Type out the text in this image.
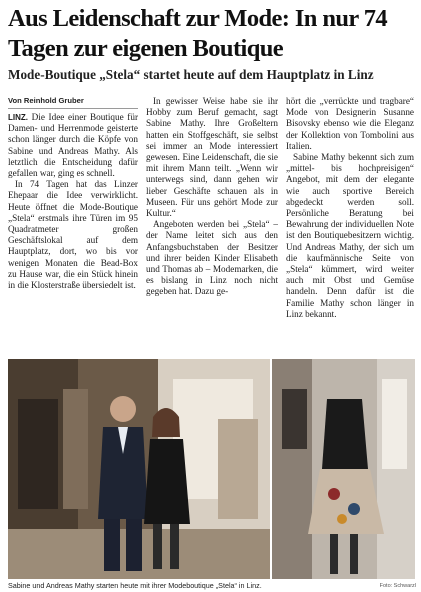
Aus Leidenschaft zur Mode: In nur 74 Tagen zur eigenen Boutique
Mode-Boutique „Stela“ startet heute auf dem Hauptplatz in Linz
Von Reinhold Gruber

LINZ. Die Idee einer Boutique für Damen- und Herrenmode geisterte schon länger durch die Köpfe von Sabine und Andreas Mathy. Als letztlich die Entscheidung dafür gefallen war, ging es schnell.

In 74 Tagen hat das Linzer Ehepaar die Idee verwirklicht. Heute öffnet die Mode-Boutique „Stela“ erstmals ihre Türen im 95 Quadratmeter großen Geschäftslokal auf dem Hauptplatz, dort, wo bis vor wenigen Monaten die Bead-Box zu Hause war, die ein Stück hinein in die Klosterstraße übersiedelt ist.

In gewisser Weise habe sie ihr Hobby zum Beruf gemacht, sagt Sabine Mathy. Ihre Großeltern hatten ein Stoffgeschäft, sie selbst sei immer an Mode interessiert gewesen. Eine Leidenschaft, die sie mit ihrem Mann teilt. „Wenn wir unterwegs sind, dann gehen wir lieber Geschäfte schauen als in Museen. Für uns gehört Mode zur Kultur.“

Angeboten werden bei „Stela“ – der Name leitet sich aus den Anfangsbuchstaben der Besitzer und ihrer beiden Kinder Elisabeth und Thomas ab – Modemarken, die es bislang in Linz noch nicht gegeben hat. Dazu ge-

hört die „verrückte und tragbare“ Mode von Designerin Susanne Bisovsky ebenso wie die Eleganz der Kollektion von Tombolini aus Italien.

Sabine Mathy bekennt sich zum „mittel- bis hochpreisigen“ Angebot, mit dem der elegante wie auch sportive Bereich abgedeckt werden soll. Persönliche Beratung bei Bewahrung der individuellen Note ist den Boutiquebesitzern wichtig. Und Andreas Mathy, der sich um die kaufmännische Seite von „Stela“ kümmert, wird weiter auch mit Obst und Gemüse handeln. Denn dafür ist die Familie Mathy schon länger in Linz bekannt.

Sabine und Andreas Mathy starten heute mit ihrer Modeboutique „Stela“ in Linz.	Foto: Schwarzl
